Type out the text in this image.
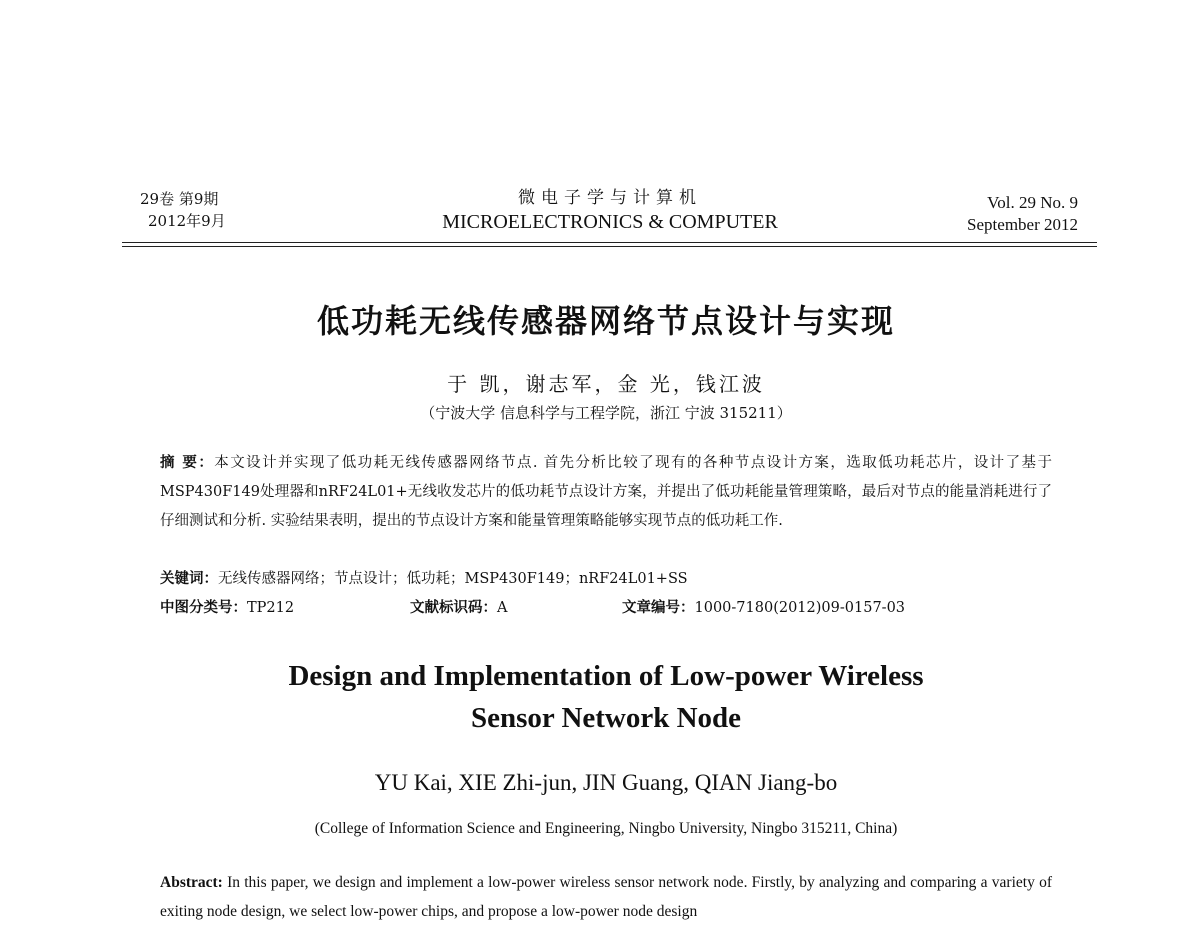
29卷 第9期
2012年9月
微电子学与计算机
MICROELECTRONICS & COMPUTER
Vol. 29 No. 9
September 2012
低功耗无线传感器网络节点设计与实现
于 凯，谢志军，金 光，钱江波
（宁波大学 信息科学与工程学院，浙江 宁波 315211）
摘 要：本文设计并实现了低功耗无线传感器网络节点. 首先分析比较了现有的各种节点设计方案，选取低功耗芯片，设计了基于MSP430F149处理器和nRF24L01+无线收发芯片的低功耗节点设计方案，并提出了低功耗能量管理策略，最后对节点的能量消耗进行了仔细测试和分析. 实验结果表明，提出的节点设计方案和能量管理策略能够实现节点的低功耗工作.
关键词：无线传感器网络；节点设计；低功耗；MSP430F149；nRF24L01+SS
中图分类号：TP212	文献标识码：A	文章编号：1000-7180(2012)09-0157-03
Design and Implementation of Low-power Wireless
Sensor Network Node
YU Kai, XIE Zhi-jun, JIN Guang, QIAN Jiang-bo
(College of Information Science and Engineering, Ningbo University, Ningbo 315211, China)
Abstract: In this paper, we design and implement a low-power wireless sensor network node. Firstly, by analyzing and comparing a variety of exiting node design, we select low-power chips, and propose a low-power node design
